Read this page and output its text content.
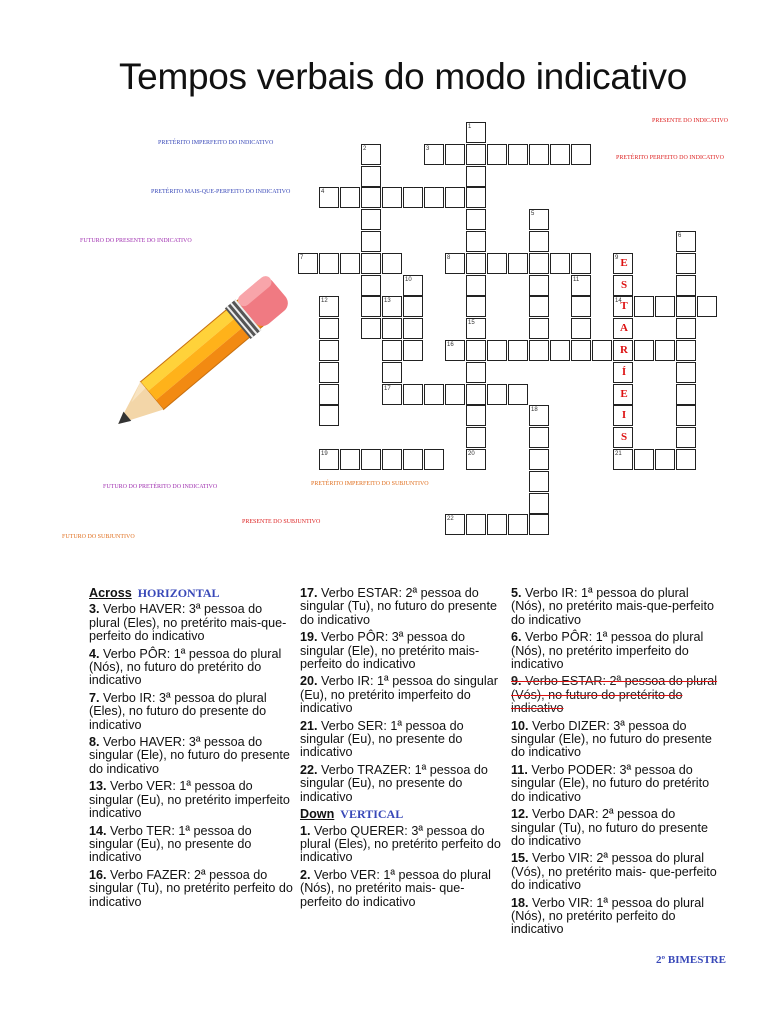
Tempos verbais do modo indicativo
PRESENTE DO INDICATIVO
PRETÉRITO IMPERFEITO DO INDICATIVO
PRETÉRITO PERFEITO DO INDICATIVO
PRETÉRITO MAIS-QUE-PERFEITO DO INDICATIVO
FUTURO DO PRESENTE DO INDICATIVO
FUTURO DO PRETÉRITO DO INDICATIVO	PRETÉRITO IMPERFEITO DO SUBJUNTIVO
PRESENTE DO SUBJUNTIVO
FUTURO DO SUBJUNTIVO
1
2	3
4
5
6
7	8	9
10	11
12	13	14
15
16
17
18
19	20	21
22
E
S
T
A
R
Í
E
I
S
Across HORIZONTAL
3. Verbo HAVER: 3ª pessoa do plural (Eles), no pretérito mais-que-perfeito do indicativo
4. Verbo PÔR: 1ª pessoa do plural (Nós), no futuro do pretérito do indicativo
7. Verbo IR: 3ª pessoa do plural (Eles), no futuro do presente do indicativo
8. Verbo HAVER: 3ª pessoa do singular (Ele), no futuro do presente do indicativo
13. Verbo VER: 1ª pessoa do singular (Eu), no pretérito imperfeito indicativo
14. Verbo TER: 1ª pessoa do singular (Eu), no presente do indicativo
16. Verbo FAZER: 2ª pessoa do singular (Tu), no pretérito perfeito do indicativo
17. Verbo ESTAR: 2ª pessoa do singular (Tu), no futuro do presente do indicativo
19. Verbo PÔR: 3ª pessoa do singular (Ele), no pretérito mais- perfeito do indicativo
20. Verbo IR: 1ª pessoa do singular (Eu), no pretérito imperfeito do indicativo
21. Verbo SER: 1ª pessoa do singular (Eu), no presente do indicativo
22. Verbo TRAZER: 1ª pessoa do singular (Eu), no presente do indicativo
Down VERTICAL
1. Verbo QUERER: 3ª pessoa do plural (Eles), no pretérito perfeito do indicativo
2. Verbo VER: 1ª pessoa do plural (Nós), no pretérito mais- que-perfeito do indicativo
5. Verbo IR: 1ª pessoa do plural (Nós), no pretérito mais-que-perfeito do indicativo
6. Verbo PÔR: 1ª pessoa do plural (Nós), no pretérito imperfeito do indicativo
9. Verbo ESTAR: 2ª pessoa do plural (Vós), no futuro do pretérito do indicativo
10. Verbo DIZER: 3ª pessoa do singular (Ele), no futuro do presente do indicativo
11. Verbo PODER: 3ª pessoa do singular (Ele), no futuro do pretérito do indicativo
12. Verbo DAR: 2ª pessoa do singular (Tu), no futuro do presente do indicativo
15. Verbo VIR: 2ª pessoa do plural (Vós), no pretérito mais- que-perfeito do indicativo
18. Verbo VIR: 1ª pessoa do plural (Nós), no pretérito perfeito do indicativo
2º BIMESTRE
